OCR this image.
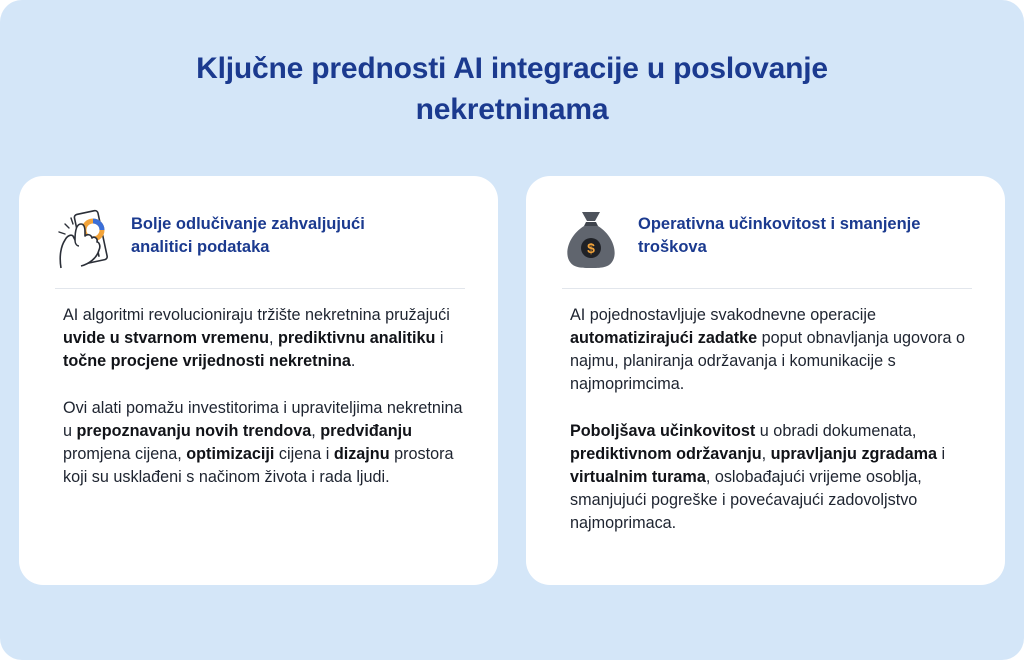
Ključne prednosti AI integracije u poslovanje
nekretninama
Bolje odlučivanje zahvaljujući
analitici podataka

AI algoritmi revolucioniraju tržište nekretnina pružajući uvide u stvarnom vremenu, prediktivnu analitiku i točne procjene vrijednosti nekretnina.

Ovi alati pomažu investitorima i upraviteljima nekretnina u prepoznavanju novih trendova, predviđanju promjena cijena, optimizaciji cijena i dizajnu prostora koji su usklađeni s načinom života i rada ljudi.

$
Operativna učinkovitost i smanjenje
troškova

AI pojednostavljuje svakodnevne operacije automatizirajući zadatke poput obnavljanja ugovora o najmu, planiranja održavanja i komunikacije s najmoprimcima.

Poboljšava učinkovitost u obradi dokumenata, prediktivnom održavanju, upravljanju zgradama i virtualnim turama, oslobađajući vrijeme osoblja, smanjujući pogreške i povećavajući zadovoljstvo najmoprimaca.
